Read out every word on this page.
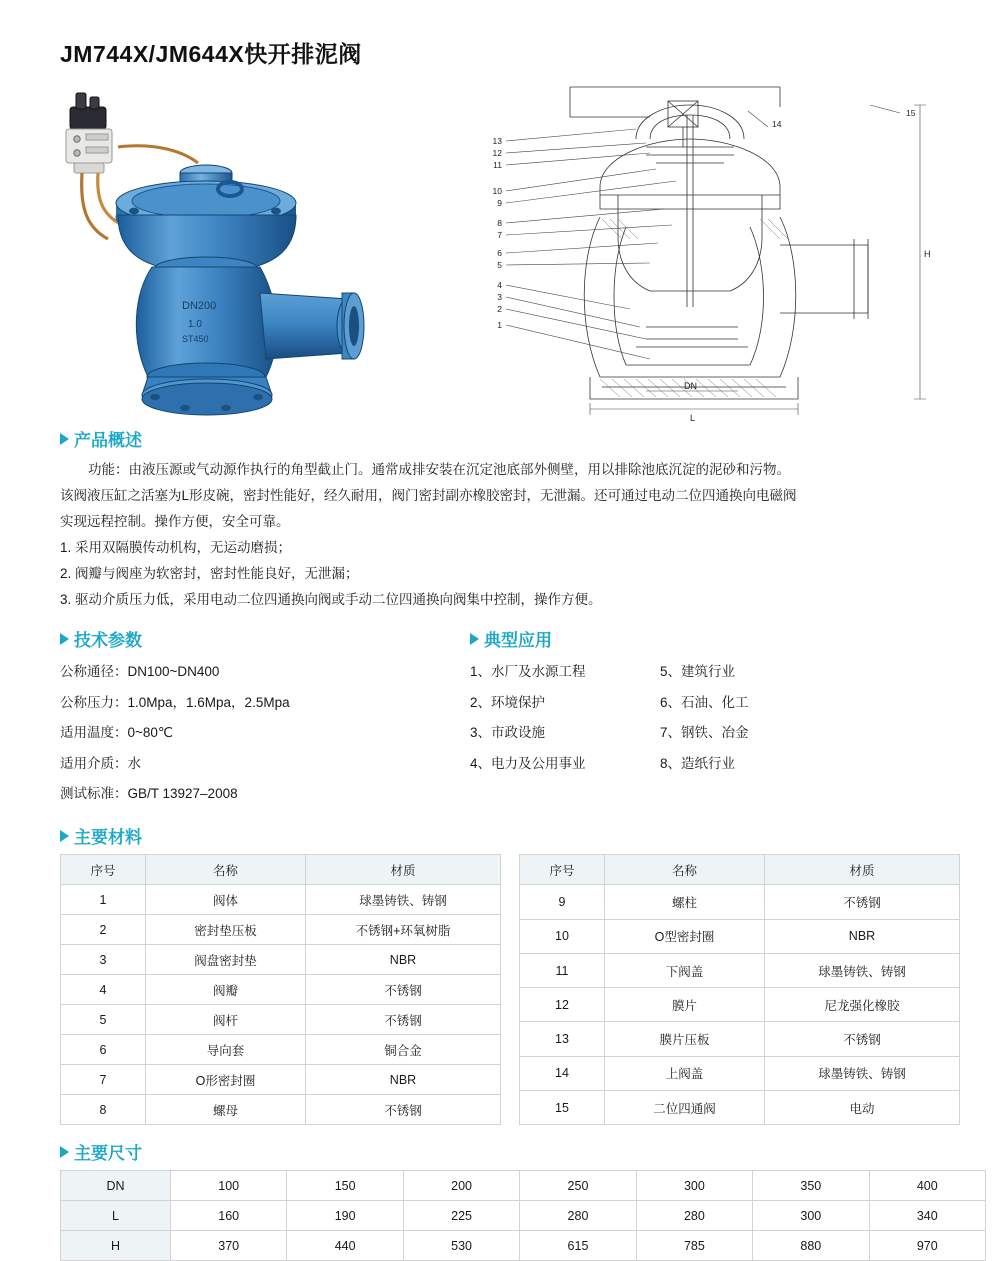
JM744X/JM644X快开排泥阀
DN200
1.0
ST450
13
12
11
10
9
8
7
6
5
4
3
2
1
14
15
H
DN
L
产品概述

功能：由液压源或气动源作执行的角型截止门。通常成排安装在沉定池底部外侧壁，用以排除池底沉淀的泥砂和污物。

该阀液压缸之活塞为L形皮碗，密封性能好，经久耐用，阀门密封副亦橡胶密封，无泄漏。还可通过电动二位四通换向电磁阀

实现远程控制。操作方便，安全可靠。

1. 采用双隔膜传动机构，无运动磨损；

2. 阀瓣与阀座为软密封，密封性能良好，无泄漏；

3. 驱动介质压力低，采用电动二位四通换向阀或手动二位四通换向阀集中控制，操作方便。

技术参数
公称通径：DN100~DN400
公称压力：1.0Mpa，1.6Mpa，2.5Mpa
适用温度：0~80℃
适用介质：水
测试标准：GB/T 13927–2008
典型应用
1、水厂及水源工程
2、环境保护
3、市政设施
4、电力及公用事业
5、建筑行业
6、石油、化工
7、钢铁、冶金
8、造纸行业
主要材料
序号	名称	材质
1	阀体	球墨铸铁、铸钢
2	密封垫压板	不锈钢+环氧树脂
3	阀盘密封垫	NBR
4	阀瓣	不锈钢
5	阀杆	不锈钢
6	导向套	铜合金
7	O形密封圈	NBR
8	螺母	不锈钢
序号	名称	材质
9	螺柱	不锈钢
10	O型密封圈	NBR
11	下阀盖	球墨铸铁、铸钢
12	膜片	尼龙强化橡胶
13	膜片压板	不锈钢
14	上阀盖	球墨铸铁、铸钢
15	二位四通阀	电动
主要尺寸
DN	100	150	200	250	300	350	400
L	160	190	225	280	280	300	340
H	370	440	530	615	785	880	970
